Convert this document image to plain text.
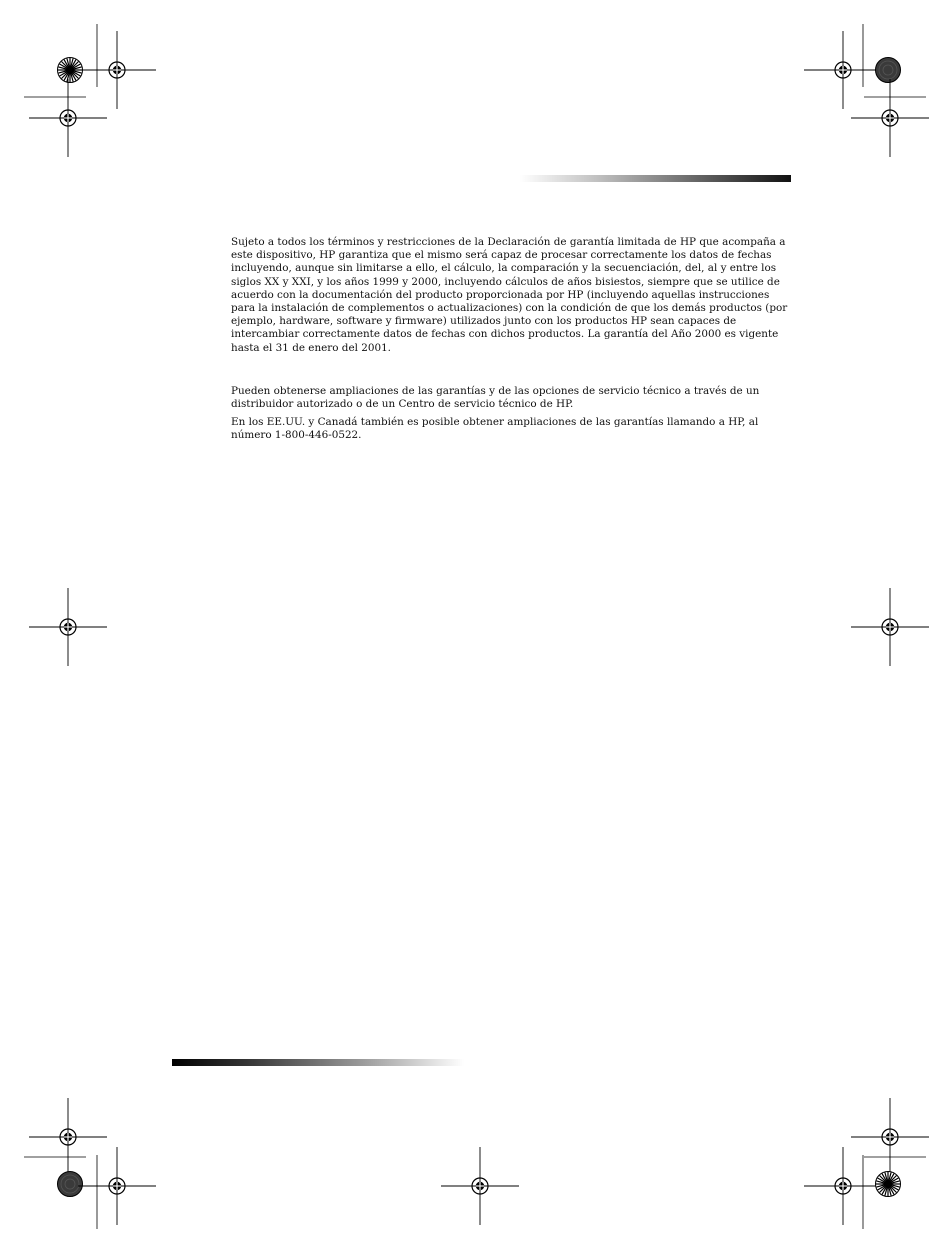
Sujeto a todos los términos y restricciones de la Declaración de garantía limitada de HP que acompaña a este dispositivo, HP garantiza que el mismo será capaz de procesar correctamente los datos de fechas incluyendo, aunque sin limitarse a ello, el cálculo, la comparación y la secuenciación, del, al y entre los siglos XX y XXI, y los años 1999 y 2000, incluyendo cálculos de años bisiestos, siempre que se utilice de acuerdo con la documentación del producto proporcionada por HP (incluyendo aquellas instrucciones para la instalación de complementos o actualizaciones) con la condición de que los demás productos (por ejemplo, hardware, software y firmware) utilizados junto con los productos HP sean capaces de intercambiar correctamente datos de fechas con dichos productos. La garantía del Año 2000 es vigente hasta el 31 de enero del 2001.

Pueden obtenerse ampliaciones de las garantías y de las opciones de servicio técnico a través de un distribuidor autorizado o de un Centro de servicio técnico de HP.

En los EE.UU. y Canadá también es posible obtener ampliaciones de las garantías llamando a HP, al número 1-800-446-0522.
